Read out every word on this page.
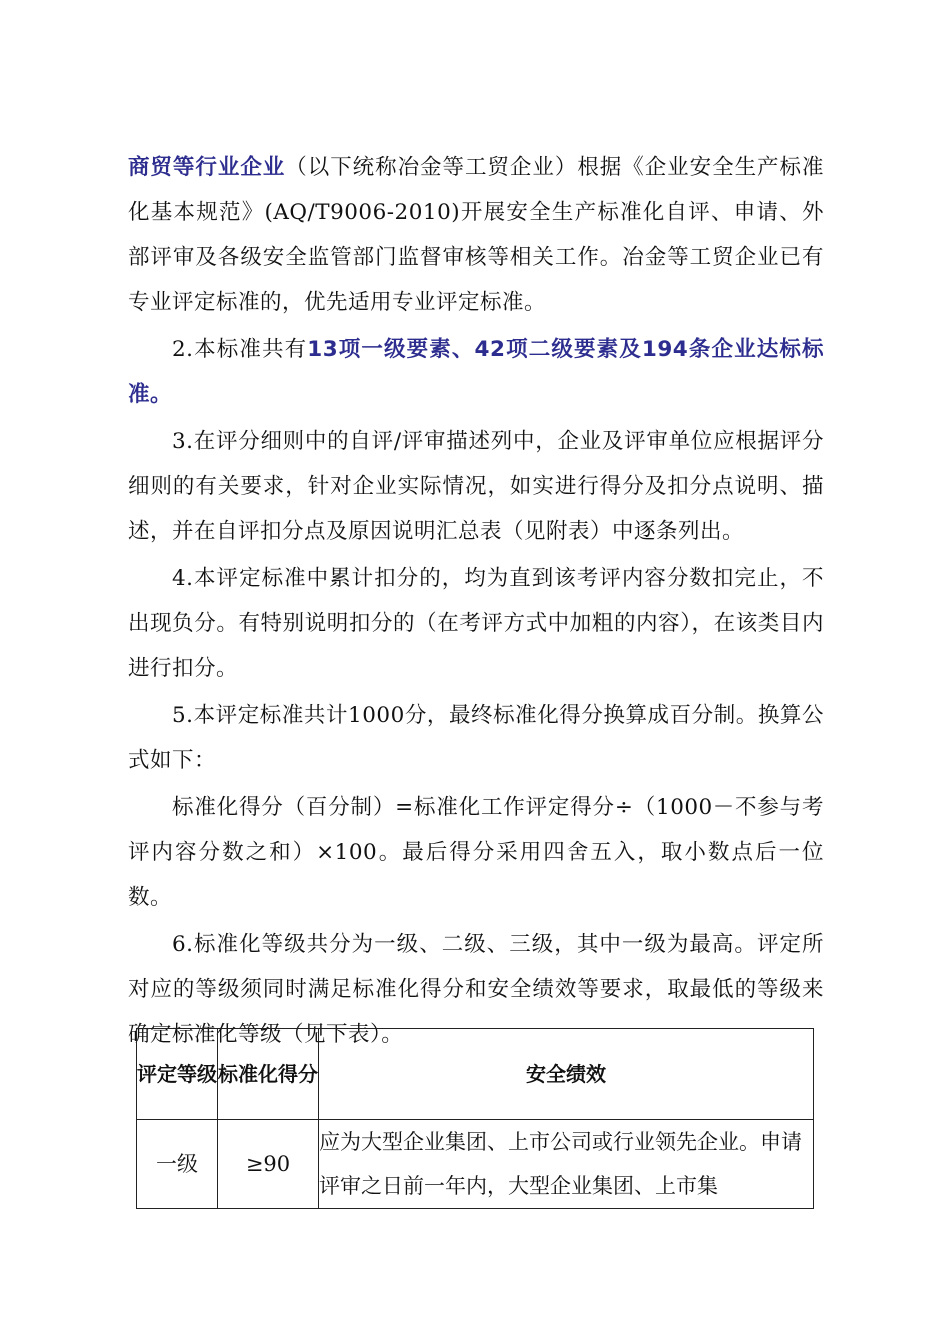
商贸等行业企业（以下统称冶金等工贸企业）根据《企业安全生产标准化基本规范》(AQ/T9006-2010)开展安全生产标准化自评、申请、外部评审及各级安全监管部门监督审核等相关工作。冶金等工贸企业已有专业评定标准的，优先适用专业评定标准。

2.本标准共有13项一级要素、42项二级要素及194条企业达标标准。

3.在评分细则中的自评/评审描述列中，企业及评审单位应根据评分细则的有关要求，针对企业实际情况，如实进行得分及扣分点说明、描述，并在自评扣分点及原因说明汇总表（见附表）中逐条列出。

4.本评定标准中累计扣分的，均为直到该考评内容分数扣完止，不出现负分。有特别说明扣分的（在考评方式中加粗的内容），在该类目内进行扣分。

5.本评定标准共计1000分，最终标准化得分换算成百分制。换算公式如下：

标准化得分（百分制）=标准化工作评定得分÷（1000－不参与考评内容分数之和）×100。最后得分采用四舍五入，取小数点后一位数。

6.标准化等级共分为一级、二级、三级，其中一级为最高。评定所对应的等级须同时满足标准化得分和安全绩效等要求，取最低的等级来确定标准化等级（见下表）。

评定等级	标准化得分	安全绩效
一级	≥90	应为大型企业集团、上市公司或行业领先企业。申请评审之日前一年内，大型企业集团、上市集
